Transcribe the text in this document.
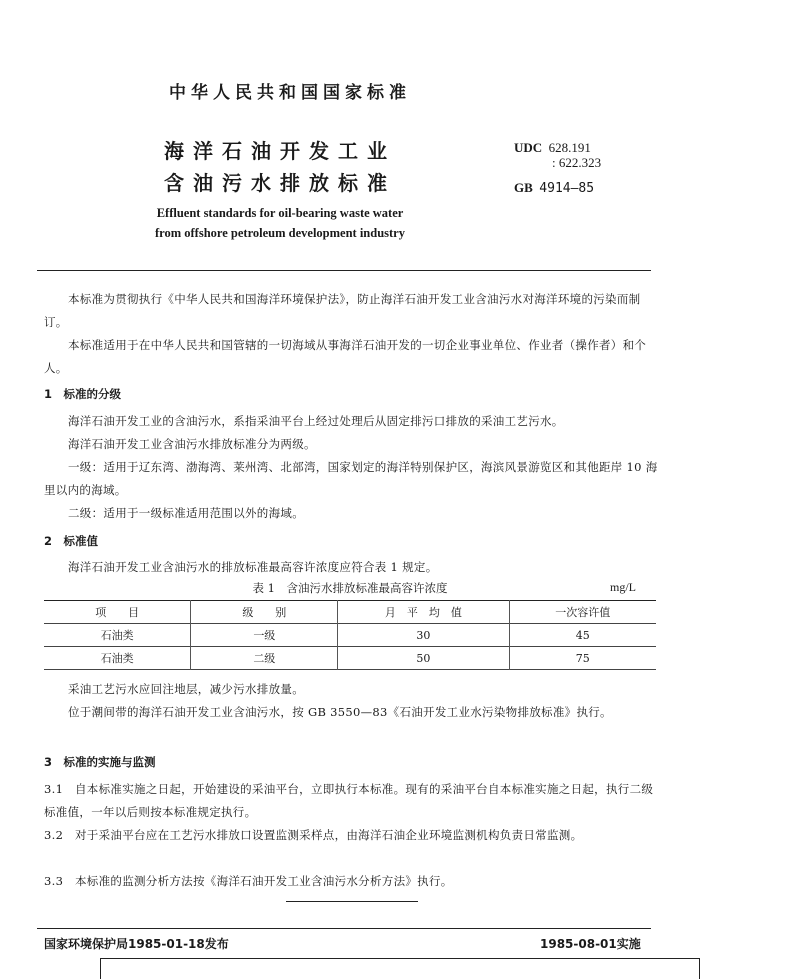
中华人民共和国国家标准
海洋石油开发工业
含油污水排放标准
Effluent standards for oil-bearing waste water
from offshore petroleum development industry
UDC 628.191
: 622.323
GB 4914—85
本标准为贯彻执行《中华人民共和国海洋环境保护法》，防止海洋石油开发工业含油污水对海洋环境的污染而制订。
本标准适用于在中华人民共和国管辖的一切海域从事海洋石油开发的一切企业事业单位、作业者（操作者）和个人。
1　标准的分级
海洋石油开发工业的含油污水，系指采油平台上经过处理后从固定排污口排放的采油工艺污水。
海洋石油开发工业含油污水排放标准分为两级。
一级：适用于辽东湾、渤海湾、莱州湾、北部湾，国家划定的海洋特别保护区，海滨风景游览区和其他距岸 10 海里以内的海域。
二级：适用于一级标准适用范围以外的海域。
2　标准值
海洋石油开发工业含油污水的排放标准最高容许浓度应符合表 1 规定。
表 1　含油污水排放标准最高容许浓度	mg/L
项　　目	级　　别	月　平　均　值	一次容许值
石油类	一级	30	45
石油类	二级	50	75
采油工艺污水应回注地层，减少污水排放量。
位于潮间带的海洋石油开发工业含油污水，按 GB 3550—83《石油开发工业水污染物排放标准》执行。
3　标准的实施与监测
3.1　自本标准实施之日起，开始建设的采油平台，立即执行本标准。现有的采油平台自本标准实施之日起，执行二级标准值，一年以后则按本标准规定执行。
3.2　对于采油平台应在工艺污水排放口设置监测采样点，由海洋石油企业环境监测机构负责日常监测。
3.3　本标准的监测分析方法按《海洋石油开发工业含油污水分析方法》执行。
国家环境保护局1985-01-18发布	1985-08-01实施
